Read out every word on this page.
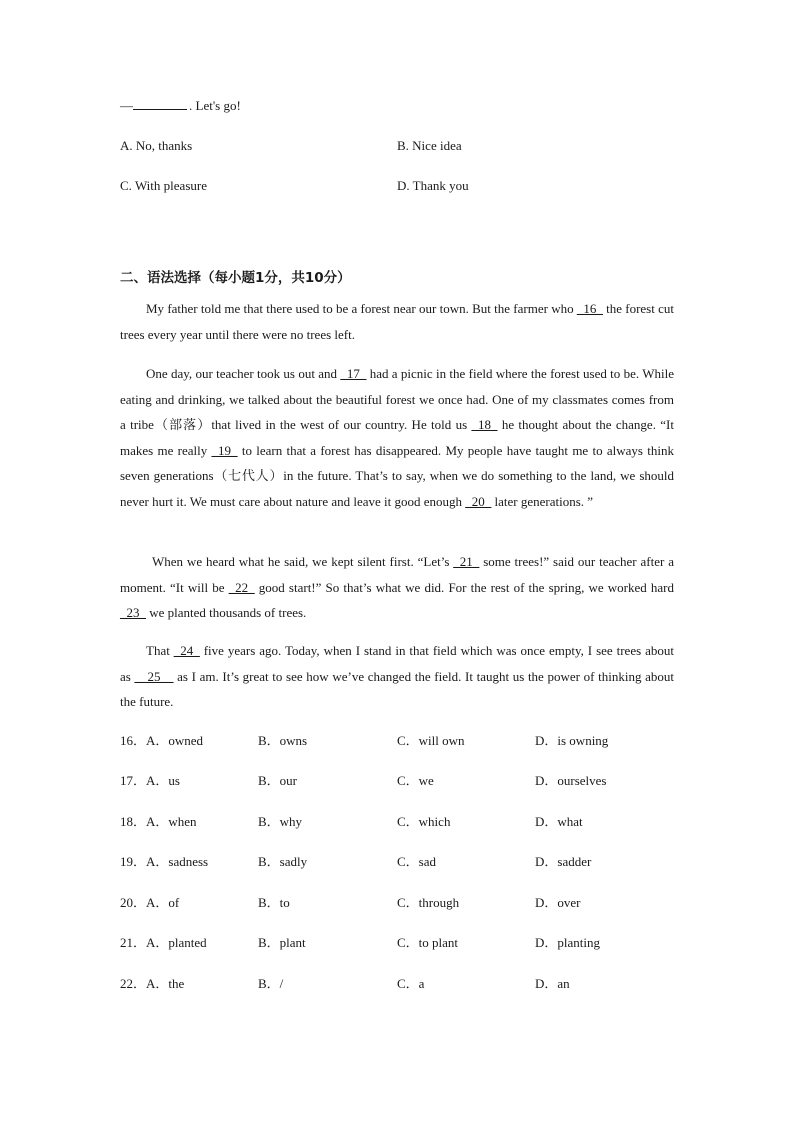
—	. Let's go!
A. No, thanks	B. Nice idea
C. With pleasure	D. Thank you
二、语法选择（每小题1分，共10分）

My father told me that there used to be a forest near our town. But the farmer who _16_ the forest cut trees every year until there were no trees left.

One day, our teacher took us out and _17_ had a picnic in the field where the forest used to be. While eating and drinking, we talked about the beautiful forest we once had. One of my classmates comes from a tribe（部落）that lived in the west of our country. He told us _18_ he thought about the change. “It makes me really _19_ to learn that a forest has disappeared. My people have taught me to always think seven generations（七代人）in the future. That’s to say, when we do something to the land, we should never hurt it. We must care about nature and leave it good enough _20_ later generations. ”

When we heard what he said, we kept silent first. “Let’s _21_ some trees!” said our teacher after a moment. “It will be _22_ good start!” So that’s what we did. For the rest of the spring, we worked hard _23_ we planted thousands of trees.

That _24_ five years ago. Today, when I stand in that field which was once empty, I see trees about as __25__ as I am. It’s great to see how we’ve changed the field. It taught us the power of thinking about the future.

16．A．owned	B．owns	C．will own	D．is owning
17．A．us	B．our	C．we	D．ourselves
18．A．when	B．why	C．which	D．what
19．A．sadness	B．sadly	C．sad	D．sadder
20．A．of	B．to	C．through	D．over
21．A．planted	B．plant	C．to plant	D．planting
22．A．the	B．/	C．a	D．an
